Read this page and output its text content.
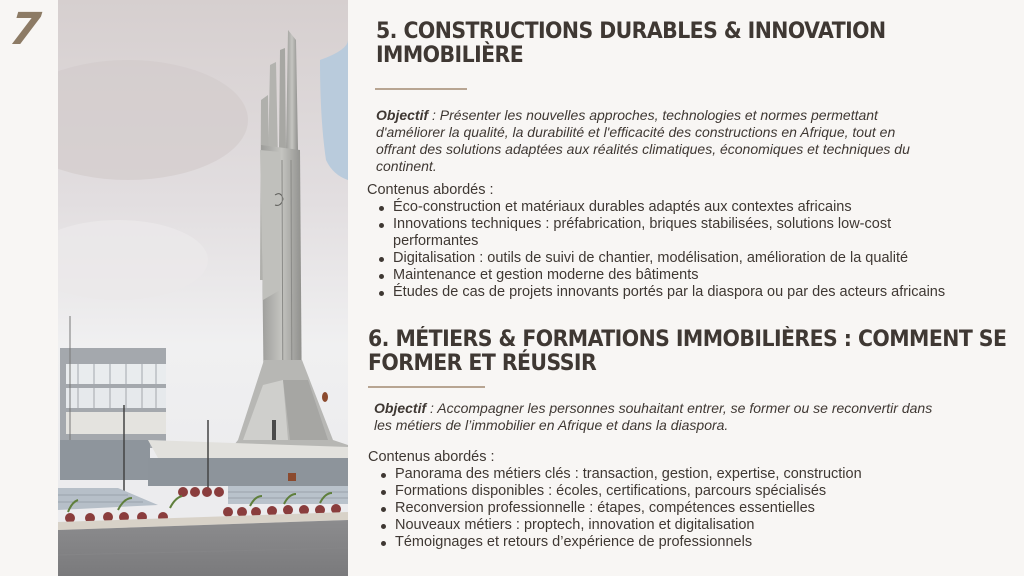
7	5. CONSTRUCTIONS DURABLES & INNOVATION
IMMOBILIÈRE

Objectif : Présenter les nouvelles approches, technologies et normes permettant
d'améliorer la qualité, la durabilité et l'efficacité des constructions en Afrique, tout en
offrant des solutions adaptées aux réalités climatiques, économiques et techniques du
continent.

Contenus abordés :
Éco-construction et matériaux durables adaptés aux contextes africains
Innovations techniques : préfabrication, briques stabilisées, solutions low-cost performantes
Digitalisation : outils de suivi de chantier, modélisation, amélioration de la qualité
Maintenance et gestion moderne des bâtiments
Études de cas de projets innovants portés par la diaspora ou par des acteurs africains
6. MÉTIERS & FORMATIONS IMMOBILIÈRES : COMMENT SE
FORMER ET RÉUSSIR

Objectif : Accompagner les personnes souhaitant entrer, se former ou se reconvertir dans
les métiers de l’immobilier en Afrique et dans la diaspora.

Contenus abordés :
Panorama des métiers clés : transaction, gestion, expertise, construction
Formations disponibles : écoles, certifications, parcours spécialisés
Reconversion professionnelle : étapes, compétences essentielles
Nouveaux métiers : proptech, innovation et digitalisation
Témoignages et retours d’expérience de professionnels
